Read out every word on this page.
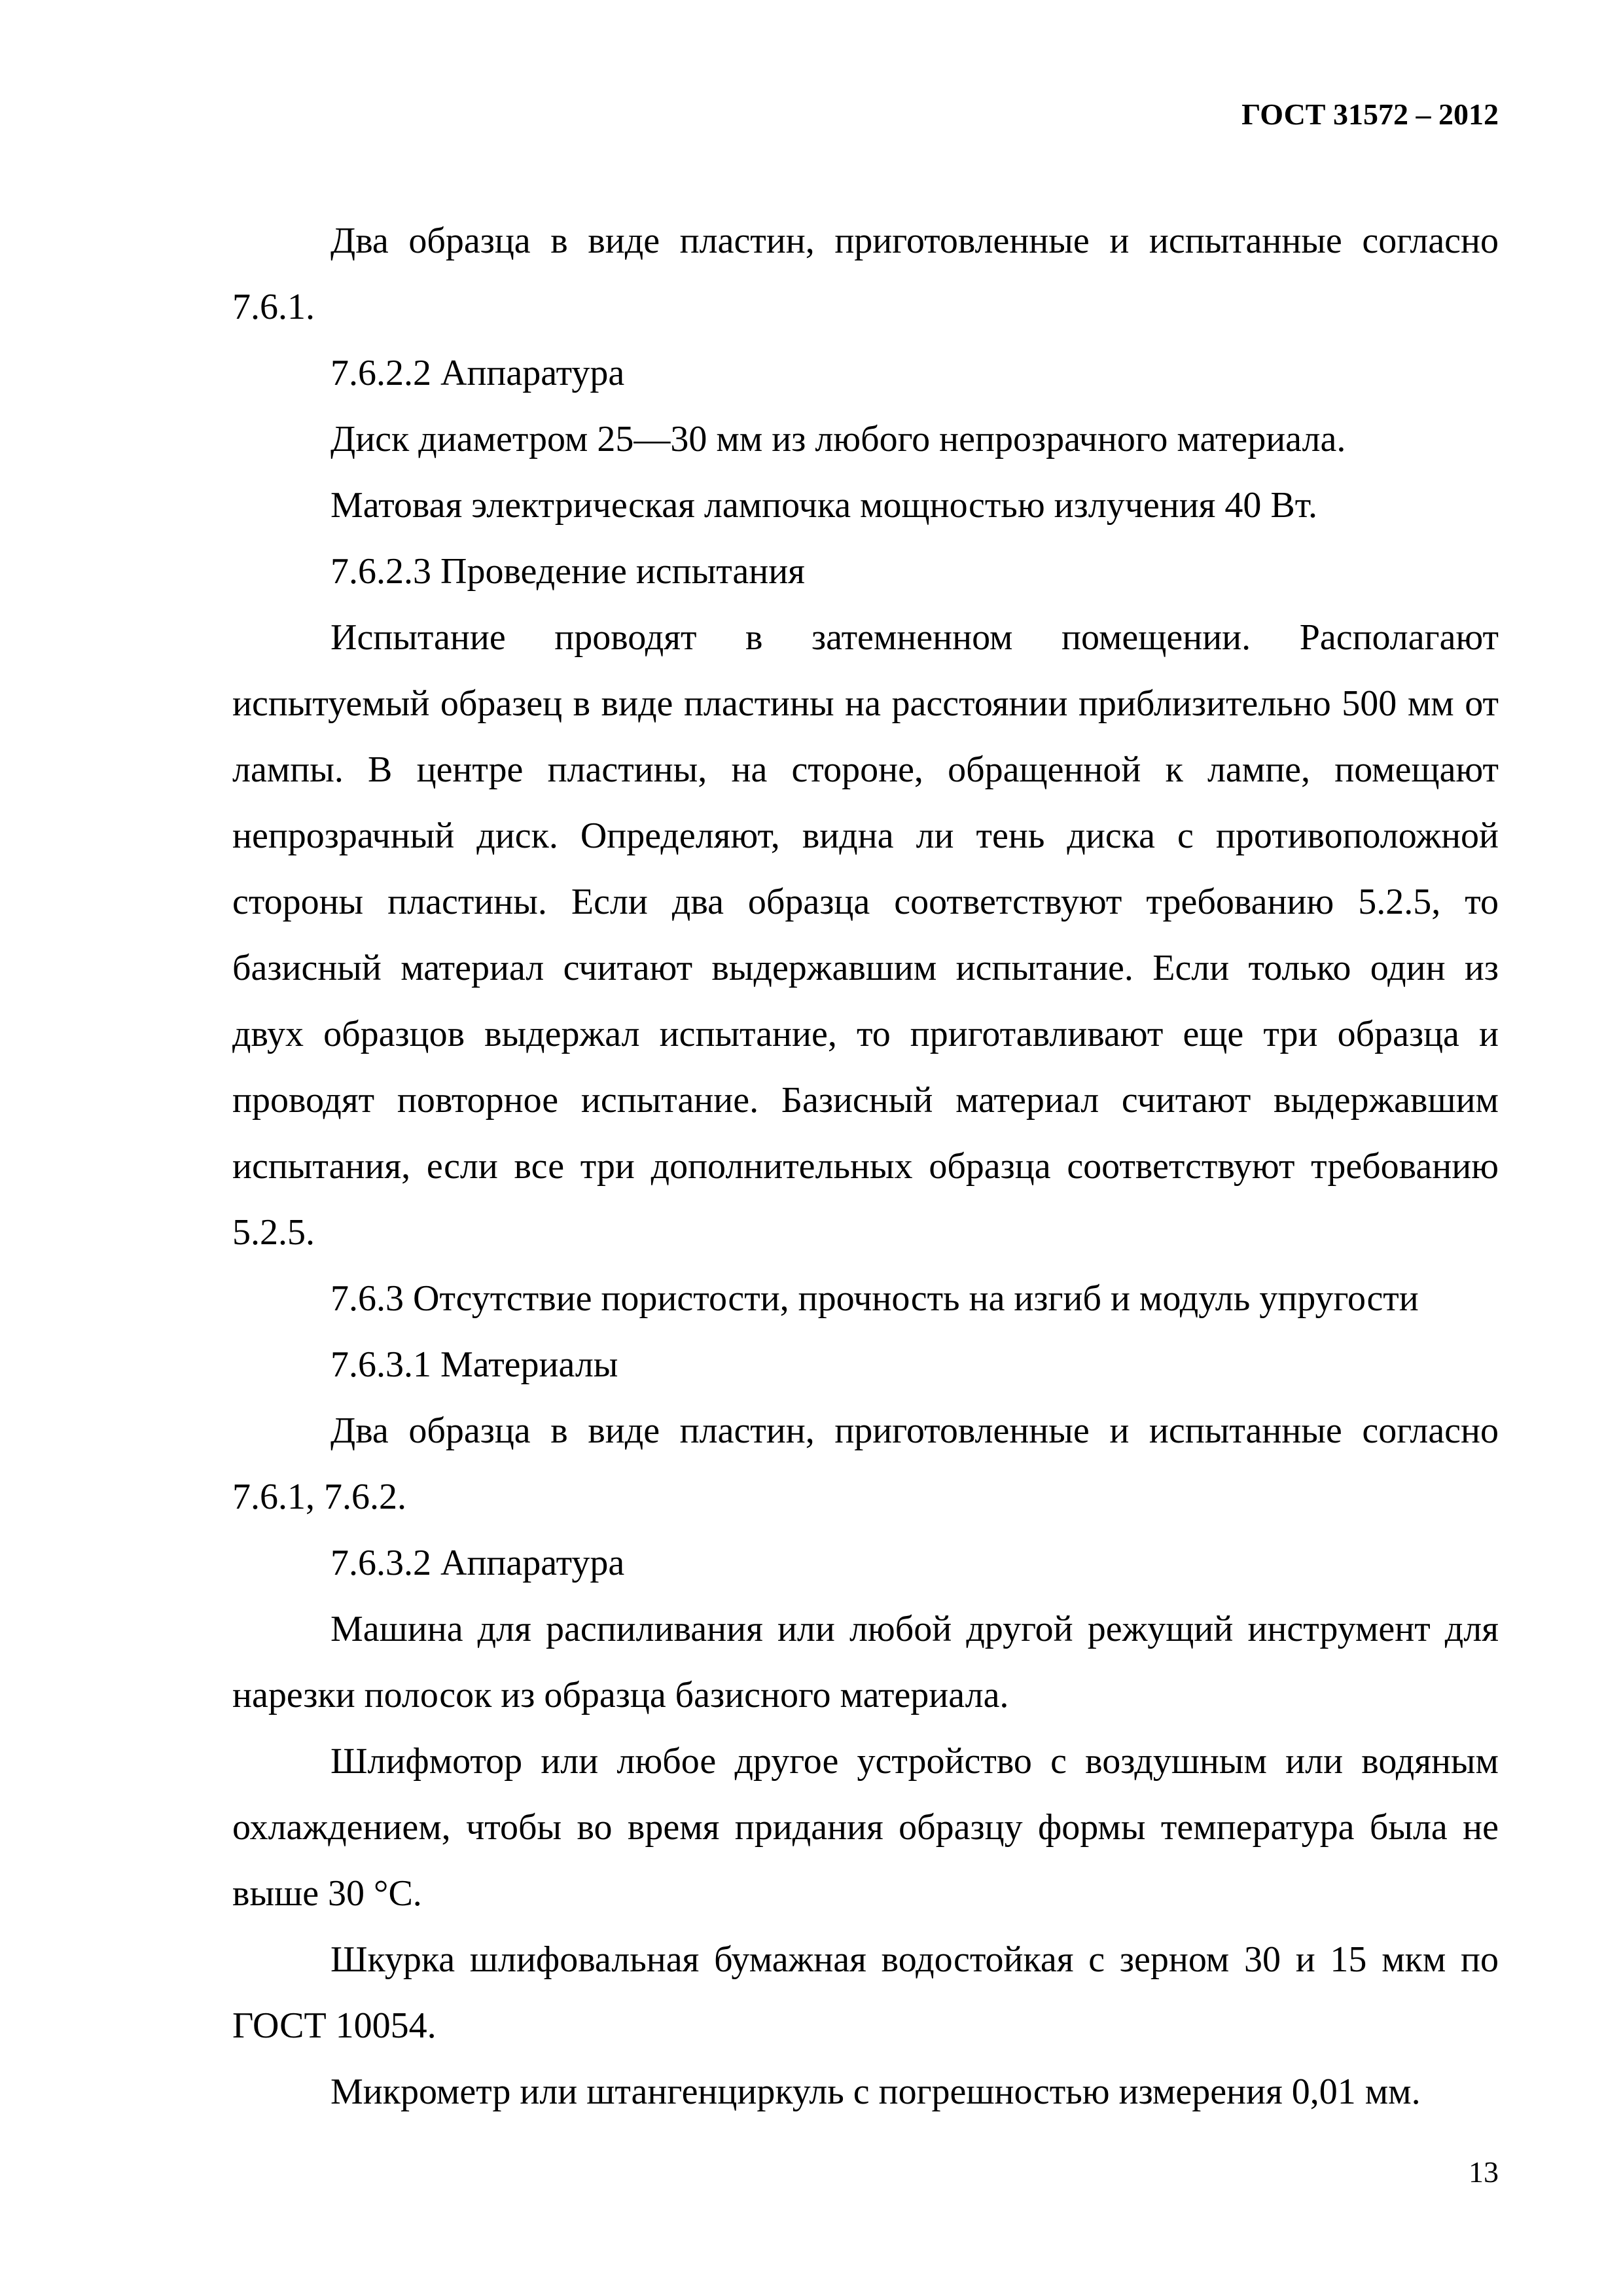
ГОСТ 31572 – 2012

Два образца в виде пластин, приготовленные и испытанные согласно

7.6.1.

7.6.2.2 Аппаратура

Диск диаметром 25—30 мм из любого непрозрачного материала.

Матовая электрическая лампочка мощностью излучения 40 Вт.

7.6.2.3 Проведение испытания

Испытание проводят в затемненном помещении. Располагают испытуемый образец в виде пластины на расстоянии приблизительно 500 мм от лампы. В центре пластины, на стороне, обращенной к лампе, помещают непрозрачный диск. Определяют, видна ли тень диска с противоположной стороны пластины. Если два образца соответствуют требованию 5.2.5, то базисный материал считают выдержавшим испытание. Если только один из двух образцов выдержал испытание, то приготавливают еще три образца и проводят повторное испытание. Базисный материал считают выдержавшим испытания, если все три дополнительных образца соответствуют требованию 5.2.5.

7.6.3 Отсутствие пористости, прочность на изгиб и модуль упругости

7.6.3.1 Материалы

Два образца в виде пластин, приготовленные и испытанные согласно

7.6.1, 7.6.2.

7.6.3.2 Аппаратура

Машина для распиливания или любой другой режущий инструмент для нарезки полосок из образца базисного материала.

Шлифмотор или любое другое устройство с воздушным или водяным охлаждением, чтобы во время придания образцу формы температура была не выше 30 °С.

Шкурка шлифовальная бумажная водостойкая с зерном 30 и 15 мкм по ГОСТ 10054.

Микрометр или штангенциркуль с погрешностью измерения 0,01 мм.

13
